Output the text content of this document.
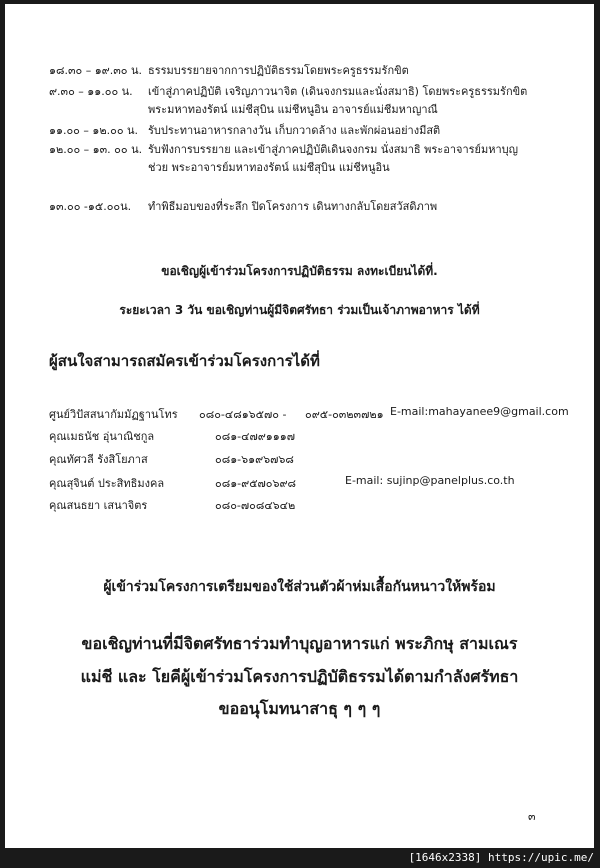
๑๘.๓๐ – ๑๙.๓๐ น. ธรรมบรรยายจากการปฏิบัติธรรมโดยพระครูธรรมรักขิต
๙.๓๐ – ๑๑.๐๐ น.	เข้าสู่ภาคปฏิบัติ เจริญภาวนาจิต (เดินจงกรมและนั่งสมาธิ) โดยพระครูธรรมรักขิต
พระมหาทองรัตน์ แม่ชีสุบิน แม่ชีหนูอิน อาจารย์แม่ชีมหาญาณี
๑๑.๐๐ – ๑๒.๐๐ น. รับประทานอาหารกลางวัน เก็บกวาดล้าง และพักผ่อนอย่างมีสติ
๑๒.๐๐ – ๑๓. ๐๐ น. รับฟังการบรรยาย และเข้าสู่ภาคปฏิบัติเดินจงกรม นั่งสมาธิ พระอาจารย์มหาบุญ
ช่วย พระอาจารย์มหาทองรัตน์ แม่ชีสุบิน แม่ชีหนูอิน
๑๓.๐๐ -๑๕.๐๐น.	ทำพิธีมอบของที่ระลึก ปิดโครงการ เดินทางกลับโดยสวัสดิภาพ
ขอเชิญผู้เข้าร่วมโครงการปฏิบัติธรรม ลงทะเบียนได้ที่.
ระยะเวลา 3 วัน ขอเชิญท่านผู้มีจิตศรัทธา ร่วมเป็นเจ้าภาพอาหาร ได้ที่
ผู้สนใจสามารถสมัครเข้าร่วมโครงการได้ที่
ศูนย์วิปัสสนากัมมัฏฐานโทร ๐๘๐-๔๘๑๖๕๗๐ - ๐๙๕-๐๓๒๓๗๒๑ E-mail:mahayanee9@gmail.com
คุณเมธนัช อุ่นาณิชกูล	๐๘๑-๔๗๙๑๑๑๗
คุณทัศวลี รังสิโยภาส	๐๘๑-๖๑๙๖๗๖๘
คุณสุจินต์ ประสิทธิมงคล	๐๘๑-๙๕๗๐๖๙๘	E-mail: sujinp@panelplus.co.th
คุณสนธยา เสนาจิตร	๐๘๐-๗๐๘๔๖๔๒
ผู้เข้าร่วมโครงการเตรียมของใช้ส่วนตัวผ้าห่มเสื้อกันหนาวให้พร้อม
ขอเชิญท่านที่มีจิตศรัทธาร่วมทำบุญอาหารแก่ พระภิกษุ สามเณร
แม่ชี และ โยคีผู้เข้าร่วมโครงการปฏิบัติธรรมได้ตามกำลังศรัทธา
ขออนุโมทนาสาธุ ๆ ๆ ๆ
๓
[1646x2338] https://upic.me/
